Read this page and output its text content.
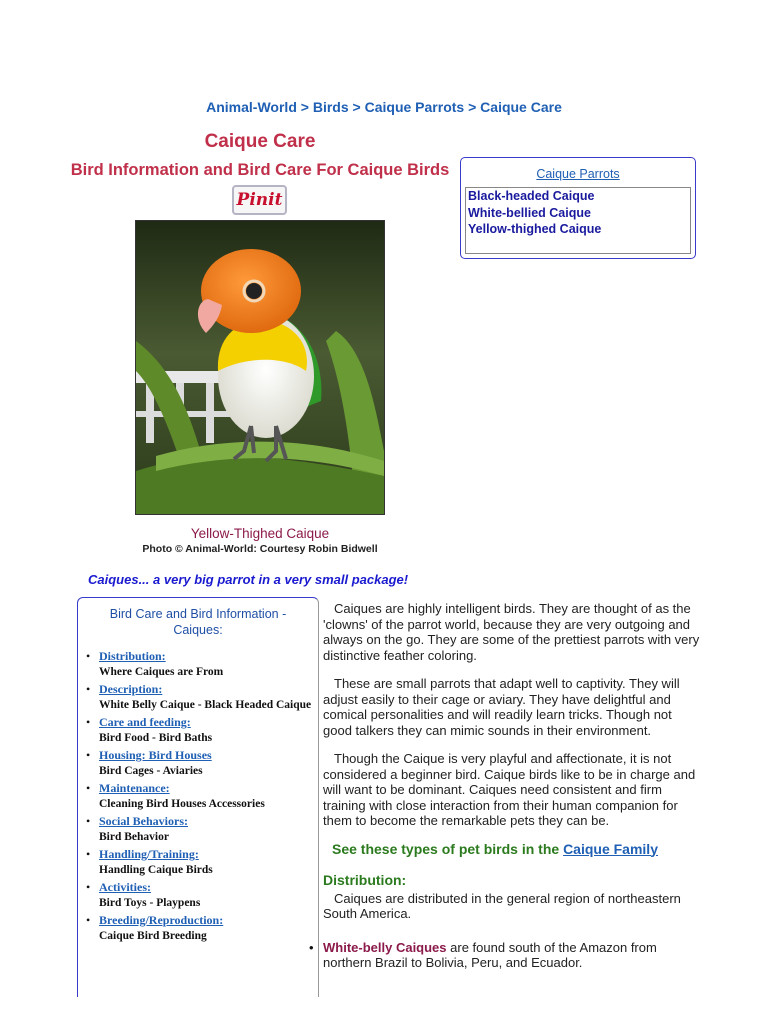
Animal-World > Birds > Caique Parrots > Caique Care
Caique Care
Bird Information and Bird Care For Caique Birds
Pinit
Yellow-Thighed Caique
Photo © Animal-World: Courtesy Robin Bidwell
Caiques... a very big parrot in a very small package!
Caique Parrots
Black-headed Caique
White-bellied Caique
Yellow-thighed Caique
Bird Care and Bird Information - Caiques:
• Distribution:
Where Caiques are From
• Description:
White Belly Caique - Black Headed Caique
• Care and feeding:
Bird Food - Bird Baths
• Housing: Bird Houses
Bird Cages - Aviaries
• Maintenance:
Cleaning Bird Houses Accessories
• Social Behaviors:
Bird Behavior
• Handling/Training:
Handling Caique Birds
• Activities:
Bird Toys - Playpens
• Breeding/Reproduction:
Caique Bird Breeding

Caiques are highly intelligent birds. They are thought of as the 'clowns' of the parrot world, because they are very outgoing and always on the go. They are some of the prettiest parrots with very distinctive feather coloring.

These are small parrots that adapt well to captivity. They will adjust easily to their cage or aviary. They have delightful and comical personalities and will readily learn tricks. Though not good talkers they can mimic sounds in their environment.

Though the Caique is very playful and affectionate, it is not considered a beginner bird. Caique birds like to be in charge and will want to be dominant. Caiques need consistent and firm training with close interaction from their human companion for them to become the remarkable pets they can be.

See these types of pet birds in the Caique Family
Distribution:

Caiques are distributed in the general region of northeastern South America.

• White-belly Caiques are found south of the Amazon from northern Brazil to Bolivia, Peru, and Ecuador.
